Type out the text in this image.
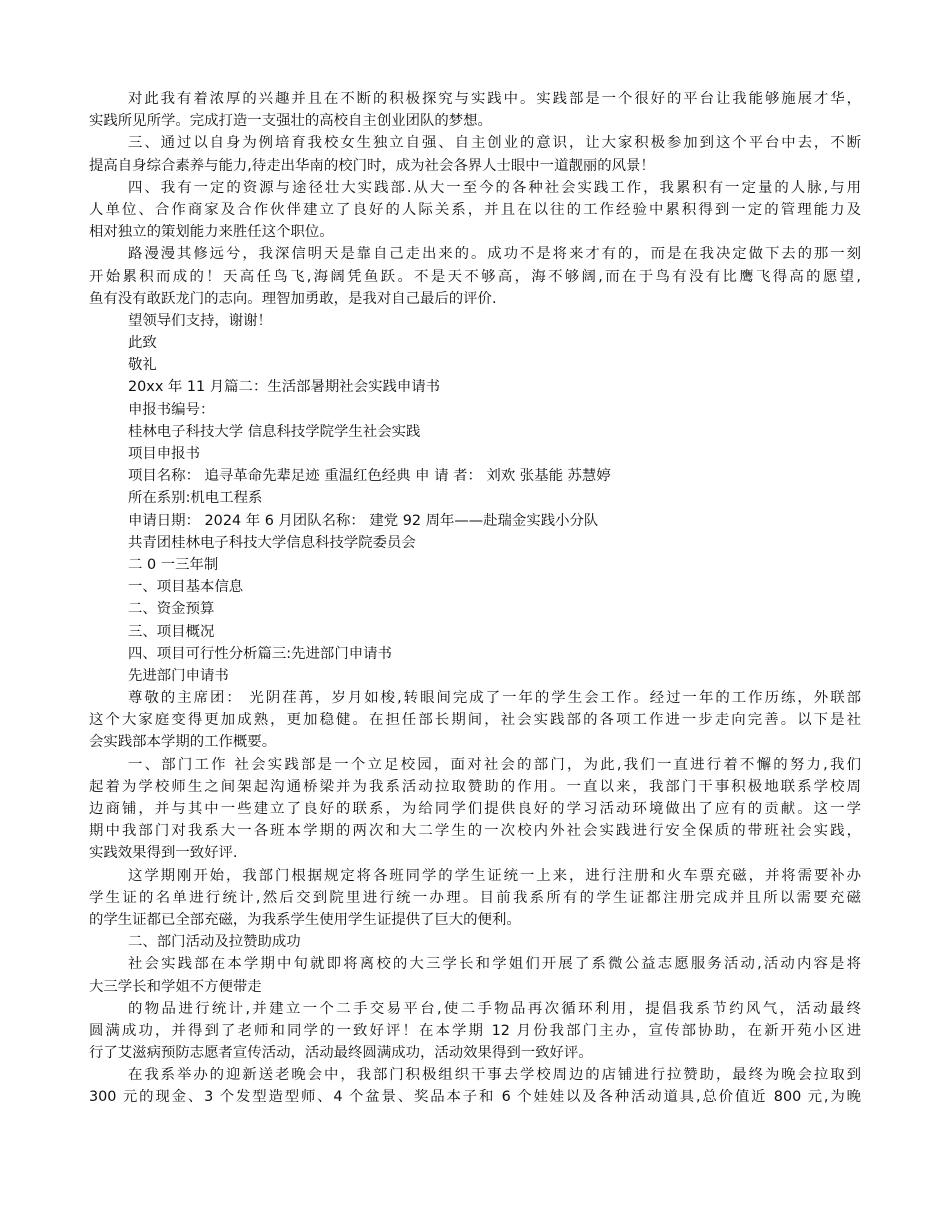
对此我有着浓厚的兴趣并且在不断的积极探究与实践中。实践部是一个很好的平台让我能够施展才华，
实践所见所学。完成打造一支强壮的高校自主创业团队的梦想。
三、通过以自身为例培育我校女生独立自强、自主创业的意识，让大家积极参加到这个平台中去，不断
提高自身综合素养与能力,待走出华南的校门时，成为社会各界人士眼中一道靓丽的风景！
四、我有一定的资源与途径壮大实践部.从大一至今的各种社会实践工作，我累积有一定量的人脉,与用
人单位、合作商家及合作伙伴建立了良好的人际关系，并且在以往的工作经验中累积得到一定的管理能力及
相对独立的策划能力来胜任这个职位。
路漫漫其修远兮，我深信明天是靠自己走出来的。成功不是将来才有的，而是在我决定做下去的那一刻
开始累积而成的！天高任鸟飞,海阔凭鱼跃。不是天不够高，海不够阔,而在于鸟有没有比鹰飞得高的愿望,
鱼有没有敢跃龙门的志向。理智加勇敢，是我对自己最后的评价.
望领导们支持，谢谢！
此致
敬礼
20xx 年 11 月篇二：生活部暑期社会实践申请书
申报书编号：
桂林电子科技大学 信息科技学院学生社会实践
项目申报书
项目名称： 追寻革命先辈足迹 重温红色经典 申 请 者： 刘欢 张基能 苏慧婷
所在系别:机电工程系
申请日期： 2024 年 6 月团队名称： 建党 92 周年——赴瑞金实践小分队
共青团桂林电子科技大学信息科技学院委员会
二 0 一三年制
一、项目基本信息
二、资金预算
三、项目概况
四、项目可行性分析篇三:先进部门申请书
先进部门申请书
尊敬的主席团： 光阴荏苒，岁月如梭,转眼间完成了一年的学生会工作。经过一年的工作历练，外联部
这个大家庭变得更加成熟，更加稳健。在担任部长期间，社会实践部的各项工作进一步走向完善。以下是社
会实践部本学期的工作概要。
一、部门工作 社会实践部是一个立足校园，面对社会的部门，为此,我们一直进行着不懈的努力,我们
起着为学校师生之间架起沟通桥梁并为我系活动拉取赞助的作用。一直以来，我部门干事积极地联系学校周
边商铺，并与其中一些建立了良好的联系，为给同学们提供良好的学习活动环境做出了应有的贡献。这一学
期中我部门对我系大一各班本学期的两次和大二学生的一次校内外社会实践进行安全保质的带班社会实践，
实践效果得到一致好评.
这学期刚开始，我部门根据规定将各班同学的学生证统一上来，进行注册和火车票充磁，并将需要补办
学生证的名单进行统计,然后交到院里进行统一办理。目前我系所有的学生证都注册完成并且所以需要充磁
的学生证都已全部充磁，为我系学生使用学生证提供了巨大的便利。
二、部门活动及拉赞助成功
社会实践部在本学期中旬就即将离校的大三学长和学姐们开展了系微公益志愿服务活动,活动内容是将
大三学长和学姐不方便带走
的物品进行统计,并建立一个二手交易平台,使二手物品再次循环利用，提倡我系节约风气，活动最终
圆满成功，并得到了老师和同学的一致好评！在本学期 12 月份我部门主办，宣传部协助，在新开苑小区进
行了艾滋病预防志愿者宣传活动，活动最终圆满成功，活动效果得到一致好评。
在我系举办的迎新送老晚会中，我部门积极组织干事去学校周边的店铺进行拉赞助，最终为晚会拉取到
300 元的现金、3 个发型造型师、4 个盆景、奖品本子和 6 个娃娃以及各种活动道具,总价值近 800 元,为晚
